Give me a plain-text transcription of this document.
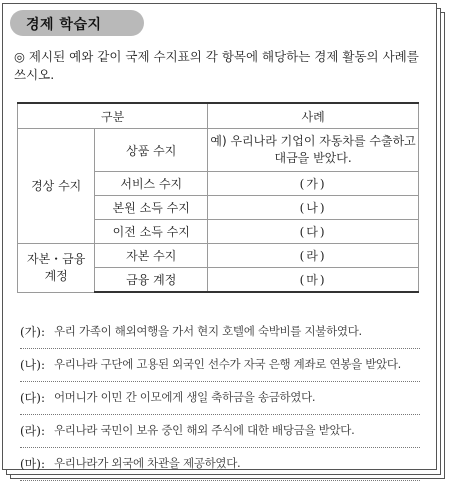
경제 학습지
◎ 제시된 예와 같이 국제 수지표의 각 항목에 해당하는 경제 활동의 사례를 쓰시오.
구분		사례
경상 수지	상품 수지	예) 우리나라 기업이 자동차를 수출하고 대금을 받았다.
	서비스 수지	(가)
	본원 소득 수지	(나)
	이전 소득 수지	(다)
자본・금융
계정	자본 수지	(라)
	금융 계정	(마)
(가): 우리 가족이 해외여행을 가서 현지 호텔에 숙박비를 지불하였다.
(나): 우리나라 구단에 고용된 외국인 선수가 자국 은행 계좌로 연봉을 받았다.
(다): 어머니가 이민 간 이모에게 생일 축하금을 송금하였다.
(라): 우리나라 국민이 보유 중인 해외 주식에 대한 배당금을 받았다.
(마): 우리나라가 외국에 차관을 제공하였다.
